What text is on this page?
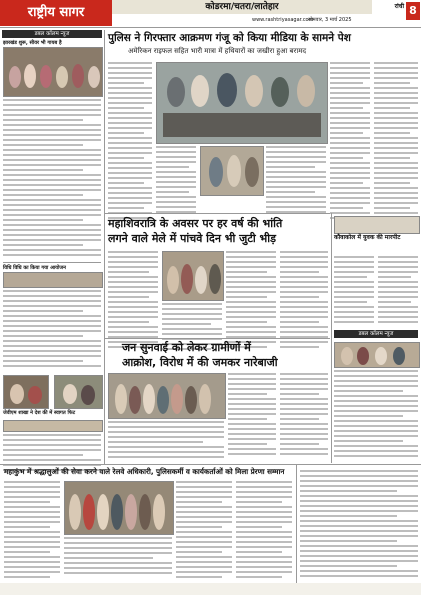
राष्ट्रीय सागर	कोडरमा/चतरा/लातेहार
www.rashtriyasagar.com
सोमवार, 3 मार्च 2025
रांची 8
डबल कॉलम न्यूज
झारखंड शुरू, सीवर भी गायब है
विधि विधि का किया गया आयोजन
जेवीएम शाखा ने देश की में स्वागत फिट
पुलिस ने गिरफ्तार आक्रमण गंजू को किया मीडिया के सामने पेश
अमेरिकन राइफल सहित भारी मात्रा में हथियारों का जखीरा हुआ बरामद
महाशिवरात्रि के अवसर पर हर वर्ष की भांति
लगने वाले मेले में पांचवे दिन भी जुटी भीड़	कौवाकोल में युवक की मारपीट
डबल कॉलम न्यूज
जन सुनवाई को लेकर ग्रामीणों में
आक्रोश, विरोध में की जमकर नारेबाजी
महाकुंभ में श्रद्धालुओं की सेवा करने वाले रेलवे अधिकारी, पुलिसकर्मी व कार्यकर्ताओं को मिला प्रेरणा सम्मान
